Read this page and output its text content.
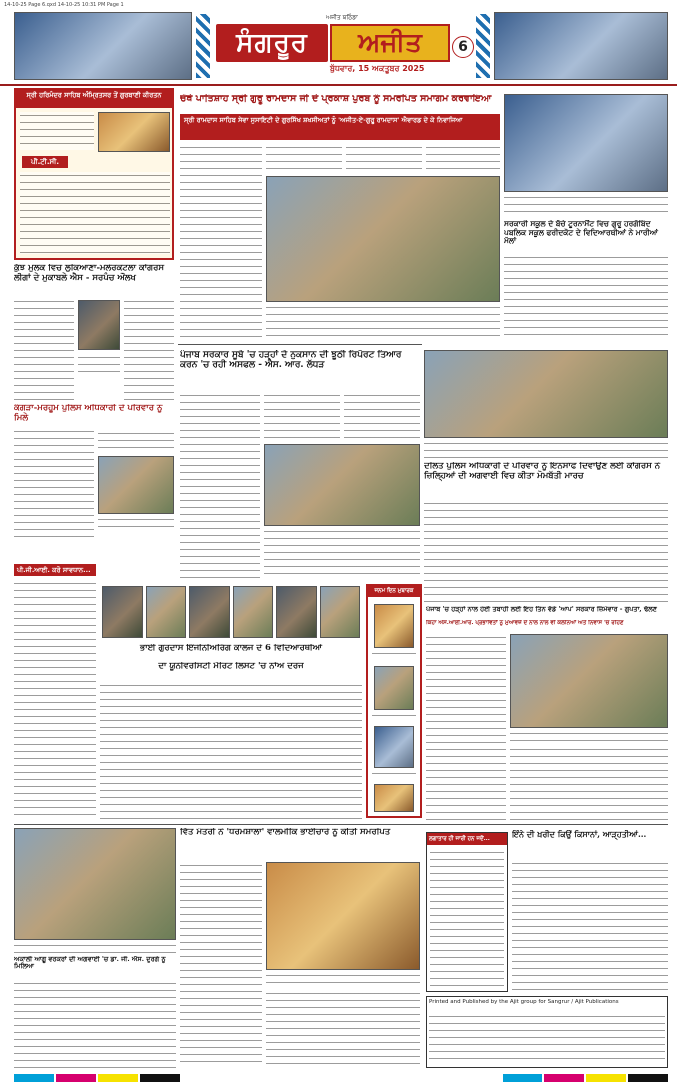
14-10-25 Page 6.qxd 14-10-25 10:31 PM Page 1
ਅਜੀਤ ਬਠਿੰਡਾ
ਸੰਗਰੂਰ ਅਜੀਤ
ਬੁੱਧਵਾਰ, 15 ਅਕਤੂਬਰ 2025
6
ਸ੍ਰੀ ਹਰਿਮੰਦਰ ਸਾਹਿਬ ਅੰਮ੍ਰਿਤਸਰ ਤੋਂ ਗੁਰਬਾਣੀ ਕੀਰਤਨ
ਪੀ.ਟੀ.ਸੀ.
ਕੁੱਝ ਮੁਲਕ ਵਿਚ ਲੁਕਿਆਣਾ-ਮਲੇਰਕੋਟਲਾ ਕਾਂਗਰਸ ਲੀਗਾਂ ਦੇ ਮੁਕਾਬਲੇ ਐਸ - ਸਰਪੰਚ ਔਲਖ
ਕੰਗੜਾ-ਮਰਹੂਮ ਪੁਲਿਸ ਅਧਿਕਾਰੀ ਦੇ ਪਰਿਵਾਰ ਨੂੰ ਮਿਲੇ
ਪੀ.ਜੀ.ਆਈ. ਕਰੋ ਸਾਵਧਾਨ...
ਚੌਥੇ ਪਾਤਿਸ਼ਾਹ ਸ੍ਰੀ ਗੁਰੂ ਰਾਮਦਾਸ ਜੀ ਦੇ ਪ੍ਰਕਾਸ਼ ਪੁਰਬ ਨੂੰ ਸਮਰਪਿਤ ਸਮਾਗਮ ਕਰਵਾਇਆ
ਸ੍ਰੀ ਰਾਮਦਾਸ ਸਾਹਿਬ ਸੇਵਾ ਸੁਸਾਇਟੀ ਦੇ ਗੁਰਸਿੱਖ ਸ਼ਖਸੀਅਤਾਂ ਨੂੰ 'ਅਜੀਤ-ਏ-ਗੁਰੂ ਰਾਮਦਾਸ' ਐਵਾਰਡ ਦੇ ਕੇ ਨਿਵਾਜਿਆ
ਸਰਕਾਰੀ ਸਕੂਲ ਦੇ ਬੱਚੇ ਟੂਰਨਾਮੈਂਟ ਵਿਚ ਗੁਰੂ ਹਰਗੋਬਿੰਦ ਪਬਲਿਕ ਸਕੂਲ ਫਰੀਦਕੋਟ ਦੇ ਵਿਦਿਆਰਥੀਆਂ ਨੇ ਮਾਰੀਆਂ ਮੱਲਾਂ
ਪੰਜਾਬ ਸਰਕਾਰ ਸੂਬੇ 'ਚ ਹੜ੍ਹਾਂ ਦੇ ਨੁਕਸਾਨ ਦੀ ਝੂਠੀ ਰਿਪੋਰਟ ਤਿਆਰ ਕਰਨ 'ਚ ਰਹੀ ਅਸਫਲ - ਐਸ. ਆਰ. ਲੱਧੜ
ਦਲਿਤ ਪੁਲਿਸ ਅਧਿਕਾਰੀ ਦੇ ਪਰਿਵਾਰ ਨੂੰ ਇਨਸਾਫ ਦਿਵਾਉਣ ਲਈ ਕਾਂਗਰਸ ਨੇ ਜ਼ਿਲ੍ਹਿਆਂ ਦੀ ਅਗਵਾਈ ਵਿਚ ਕੀਤਾ ਮੋਮਬੱਤੀ ਮਾਰਚ
ਭਾਈ ਗੁਰਦਾਸ ਇੰਜੀਨੀਅਰਿੰਗ ਕਾਲਜ ਦੇ 6 ਵਿਦਿਆਰਥੀਆਂ
ਦਾ ਯੂਨੀਵਰਸਿਟੀ ਮੈਰਿਟ ਲਿਸਟ 'ਚ ਨਾਂਅ ਦਰਜ
ਜਨਮ ਦਿਨ ਮੁਬਾਰਕ
ਪੰਜਾਬ 'ਚ ਹੜ੍ਹਾਂ ਨਾਲ ਹੋਈ ਤਬਾਹੀ ਲਈ ਇਹ ਤਿੰਨ ਵੱਡੇ 'ਆਪ' ਸਰਕਾਰ ਜ਼ਿੰਮੇਵਾਰ - ਗੁਪਤਾ, ਢੱਲਣ
ਕਿਹਾ ਐਸ.ਆਈ.ਆਰ. ਪ੍ਰਭਾਵਿਤਾਂ ਨੂੰ ਮੁਆਵਜ਼ੇ ਦੇ ਨਾਲ ਨਾਲ ਵੀ ਕਲੋਨਿਆਂ ਅਤੇ ਨਿਵਾਸ 'ਚ ਰਹਿਣ
ਅਕਾਲੀ ਆਗੂ ਵਰਕਰਾਂ ਦੀ ਅਗਵਾਈ 'ਚ ਡਾ. ਜੀ. ਐਸ. ਦੁਰਗੇ ਨੂੰ ਮਿਲਿਆ
ਵਿੱਤ ਮੰਤਰੀ ਨੇ 'ਧਰਮਸ਼ਾਲਾ' ਵਾਲਮੀਕਿ ਭਾਈਚਾਰੇ ਨੂੰ ਕੀਤੀ ਸਮਰਪਿਤ
ਲਗਾਤਾਰ ਹੀ ਜਾਰੀ ਹਨ ਜਦੋਂ...	ਇੰਨੇ ਦੀ ਖ਼ਰੀਦ ਕਿਉਂ ਕਿਸਾਨਾਂ, ਆੜ੍ਹਤੀਆਂ...
Printed and Published by the Ajit group for Sangrur / Ajit Publications
